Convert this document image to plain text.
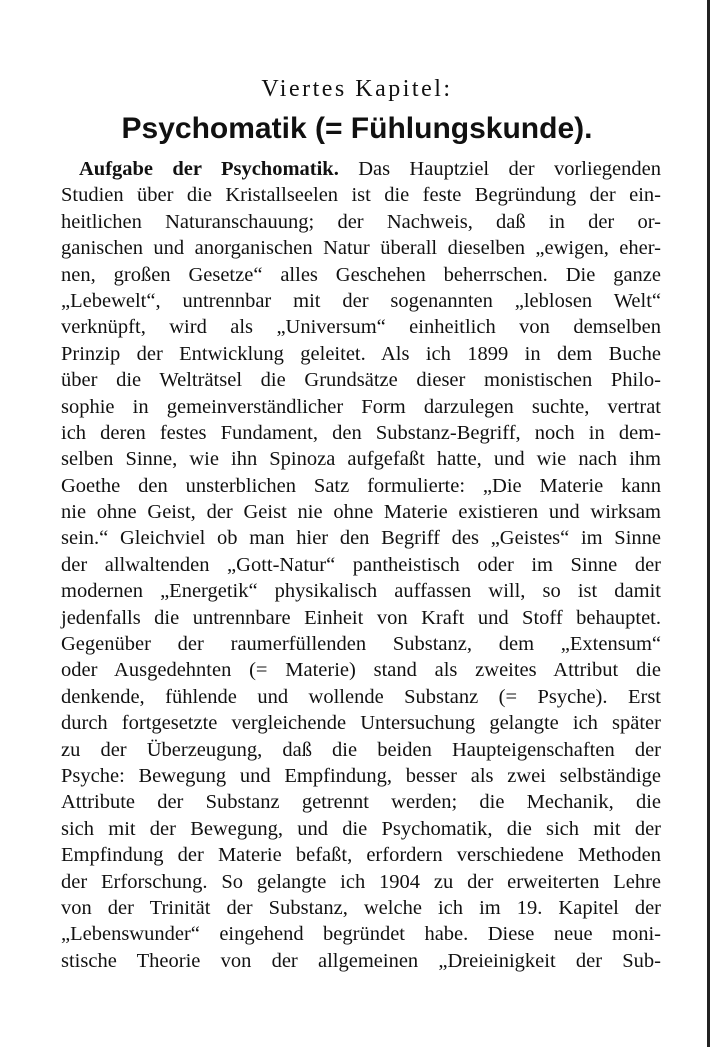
Viertes Kapitel:
Psychomatik (= Fühlungskunde).
Aufgabe der Psychomatik. Das Hauptziel der vorliegenden
Studien über die Kristallseelen ist die feste Begründung der ein-
heitlichen Naturanschauung; der Nachweis, daß in der or-
ganischen und anorganischen Natur überall dieselben „ewigen, eher-
nen, großen Gesetze“ alles Geschehen beherrschen. Die ganze
„Lebewelt“, untrennbar mit der sogenannten „leblosen Welt“
verknüpft, wird als „Universum“ einheitlich von demselben
Prinzip der Entwicklung geleitet. Als ich 1899 in dem Buche
über die Welträtsel die Grundsätze dieser monistischen Philo-
sophie in gemeinverständlicher Form darzulegen suchte, vertrat
ich deren festes Fundament, den Substanz-Begriff, noch in dem-
selben Sinne, wie ihn Spinoza aufgefaßt hatte, und wie nach ihm
Goethe den unsterblichen Satz formulierte: „Die Materie kann
nie ohne Geist, der Geist nie ohne Materie existieren und wirksam
sein.“ Gleichviel ob man hier den Begriff des „Geistes“ im Sinne
der allwaltenden „Gott-Natur“ pantheistisch oder im Sinne der
modernen „Energetik“ physikalisch auffassen will, so ist damit
jedenfalls die untrennbare Einheit von Kraft und Stoff behauptet.
Gegenüber der raumerfüllenden Substanz, dem „Extensum“
oder Ausgedehnten (= Materie) stand als zweites Attribut die
denkende, fühlende und wollende Substanz (= Psyche). Erst
durch fortgesetzte vergleichende Untersuchung gelangte ich später
zu der Überzeugung, daß die beiden Haupteigenschaften der
Psyche: Bewegung und Empfindung, besser als zwei selbständige
Attribute der Substanz getrennt werden; die Mechanik, die
sich mit der Bewegung, und die Psychomatik, die sich mit der
Empfindung der Materie befaßt, erfordern verschiedene Methoden
der Erforschung. So gelangte ich 1904 zu der erweiterten Lehre
von der Trinität der Substanz, welche ich im 19. Kapitel der
„Lebenswunder“ eingehend begründet habe. Diese neue moni-
stische Theorie von der allgemeinen „Dreieinigkeit der Sub-
